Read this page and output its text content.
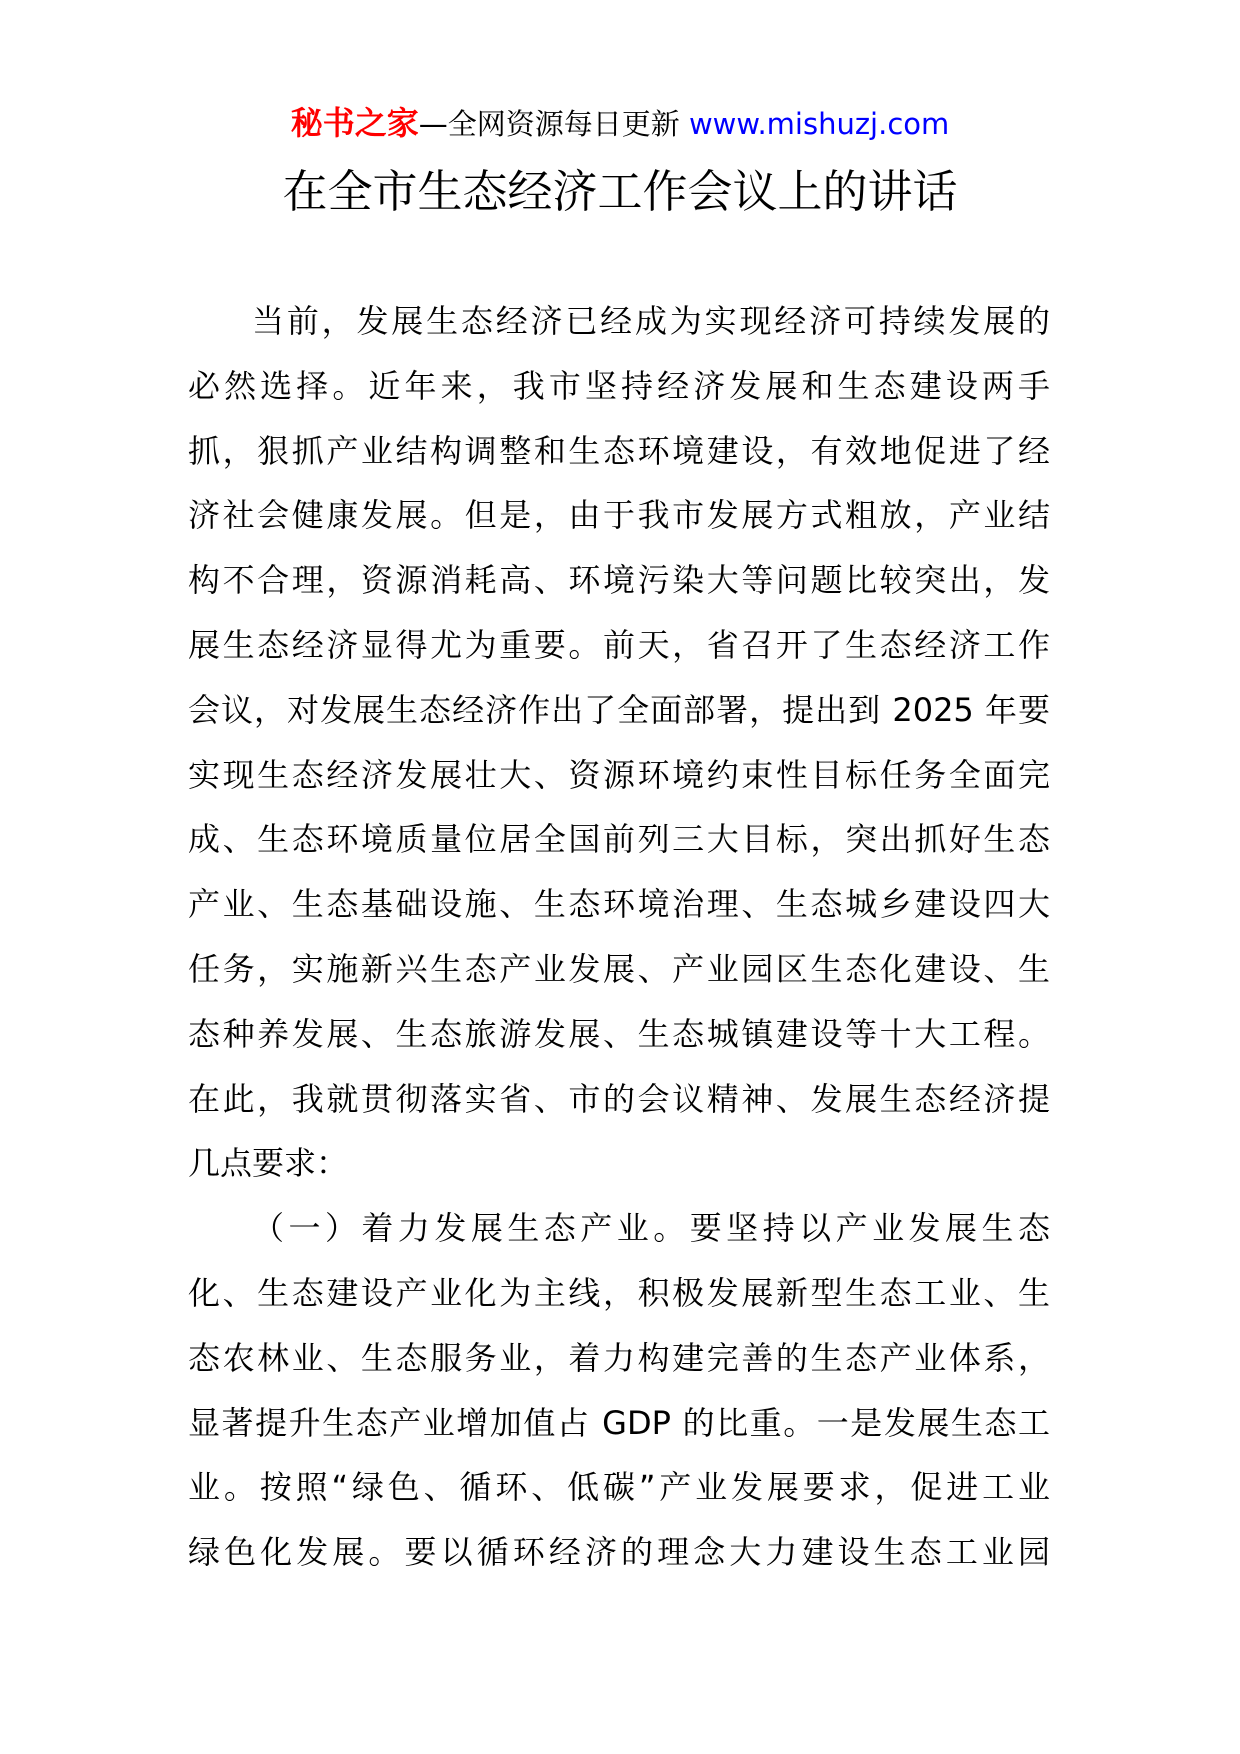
秘书之家—全网资源每日更新 www.mishuzj.com
在全市生态经济工作会议上的讲话
当前，发展生态经济已经成为实现经济可持续发展的
必然选择。近年来，我市坚持经济发展和生态建设两手
抓，狠抓产业结构调整和生态环境建设，有效地促进了经
济社会健康发展。但是，由于我市发展方式粗放，产业结
构不合理，资源消耗高、环境污染大等问题比较突出，发
展生态经济显得尤为重要。前天，省召开了生态经济工作
会议，对发展生态经济作出了全面部署，提出到 2025 年要
实现生态经济发展壮大、资源环境约束性目标任务全面完
成、生态环境质量位居全国前列三大目标，突出抓好生态
产业、生态基础设施、生态环境治理、生态城乡建设四大
任务，实施新兴生态产业发展、产业园区生态化建设、生
态种养发展、生态旅游发展、生态城镇建设等十大工程。
在此，我就贯彻落实省、市的会议精神、发展生态经济提
几点要求：
（一）着力发展生态产业。要坚持以产业发展生态
化、生态建设产业化为主线，积极发展新型生态工业、生
态农林业、生态服务业，着力构建完善的生态产业体系，
显著提升生态产业增加值占 GDP 的比重。一是发展生态工
业。按照“绿色、循环、低碳”产业发展要求，促进工业
绿色化发展。要以循环经济的理念大力建设生态工业园
